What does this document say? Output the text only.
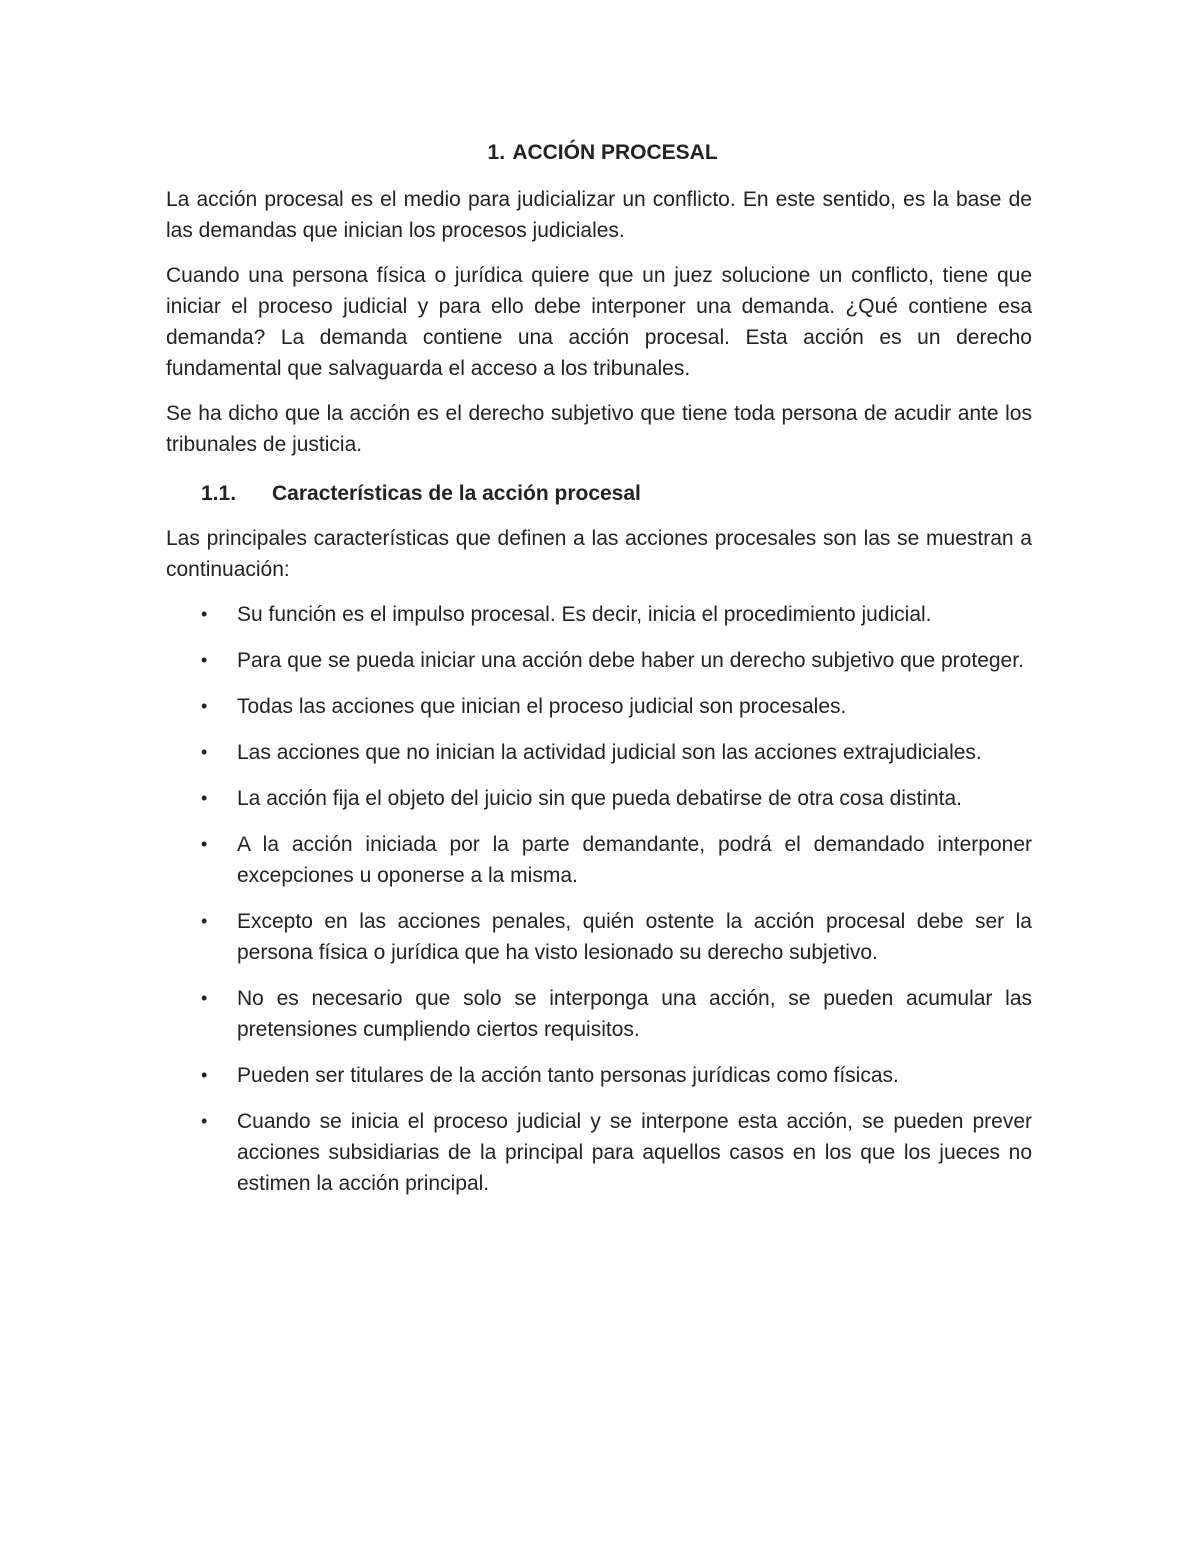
1. ACCIÓN PROCESAL

La acción procesal es el medio para judicializar un conflicto. En este sentido, es la base de las demandas que inician los procesos judiciales.

Cuando una persona física o jurídica quiere que un juez solucione un conflicto, tiene que iniciar el proceso judicial y para ello debe interponer una demanda. ¿Qué contiene esa demanda? La demanda contiene una acción procesal. Esta acción es un derecho fundamental que salvaguarda el acceso a los tribunales.

Se ha dicho que la acción es el derecho subjetivo que tiene toda persona de acudir ante los tribunales de justicia.

1.1. Características de la acción procesal

Las principales características que definen a las acciones procesales son las se muestran a continuación:

• Su función es el impulso procesal. Es decir, inicia el procedimiento judicial.
• Para que se pueda iniciar una acción debe haber un derecho subjetivo que proteger.
• Todas las acciones que inician el proceso judicial son procesales.
• Las acciones que no inician la actividad judicial son las acciones extrajudiciales.
• La acción fija el objeto del juicio sin que pueda debatirse de otra cosa distinta.
• A la acción iniciada por la parte demandante, podrá el demandado interponer excepciones u oponerse a la misma.
• Excepto en las acciones penales, quién ostente la acción procesal debe ser la persona física o jurídica que ha visto lesionado su derecho subjetivo.
• No es necesario que solo se interponga una acción, se pueden acumular las pretensiones cumpliendo ciertos requisitos.
• Pueden ser titulares de la acción tanto personas jurídicas como físicas.
• Cuando se inicia el proceso judicial y se interpone esta acción, se pueden prever acciones subsidiarias de la principal para aquellos casos en los que los jueces no estimen la acción principal.
